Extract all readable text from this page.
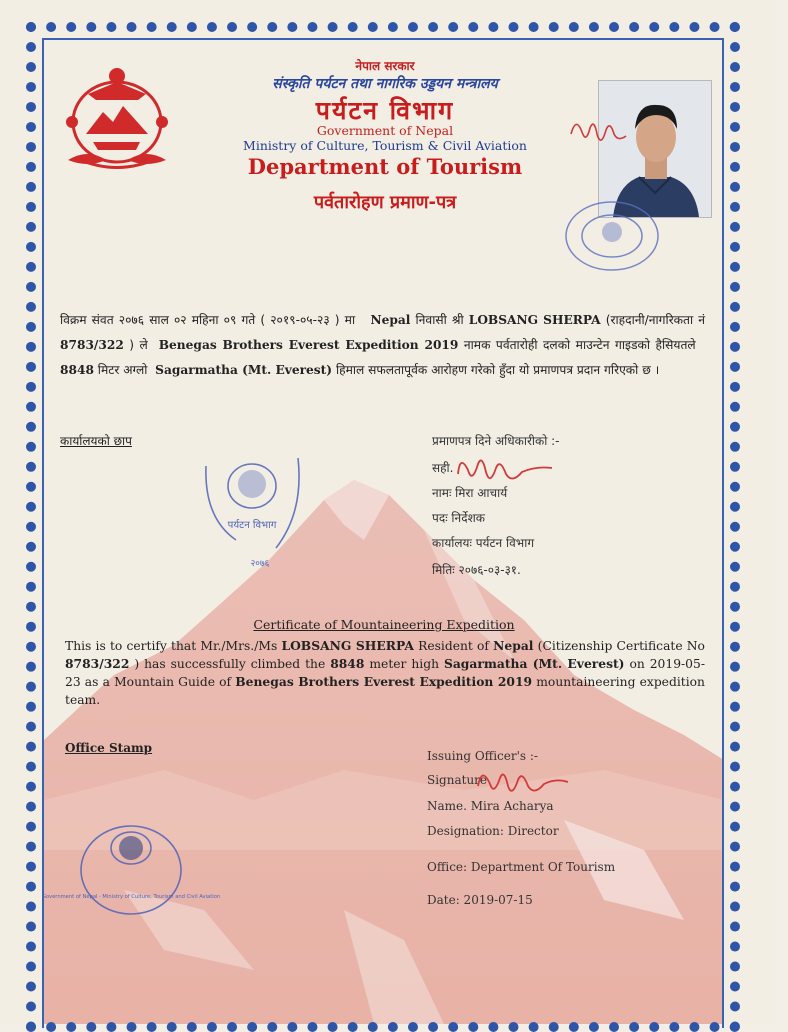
नेपाल सरकार

संस्कृति पर्यटन तथा नागरिक उड्डयन मन्त्रालय

पर्यटन विभाग

Government of Nepal

Ministry of Culture, Tourism & Civil Aviation

Department of Tourism

पर्वतारोहण प्रमाण-पत्र

विक्रम संवत २०७६ साल ०२ महिना ०९ गते ( २०१९-०५-२३ ) मा Nepal निवासी श्री LOBSANG SHERPA (राहदानी/नागरिकता नं 8783/322 ) ले Benegas Brothers Everest Expedition 2019 नामक पर्वतारोही दलको माउन्टेन गाइडको हैसियतले   8848 मिटर अग्लो Sagarmatha (Mt. Everest) हिमाल सफलतापूर्वक आरोहण गरेकाे हुँदा यो प्रमाणपत्र प्रदान गरिएको छ ।

कार्यालयको छाप

पर्यटन विभाग
२०७६
प्रमाणपत्र दिने अधिकारीको :-
सही.
नामः मिरा आचार्य
पदः निर्देशक
कार्यालयः पर्यटन विभाग
मितिः २०७६-०३-३१.
Certificate of Mountaineering Expedition

This is to certify that Mr./Mrs./Ms LOBSANG SHERPA Resident of Nepal (Citizenship Certificate No 8783/322 ) has successfully climbed the 8848 meter high Sagarmatha (Mt. Everest) on 2019-05-23 as a Mountain Guide of Benegas Brothers Everest Expedition 2019 mountaineering expedition team.

Office Stamp
Government of Nepal · Ministry of Culture, Tourism and Civil Aviation
Issuing Officer's :-
Signature
Name. Mira Acharya
Designation: Director
Office: Department Of Tourism
Date: 2019-07-15
